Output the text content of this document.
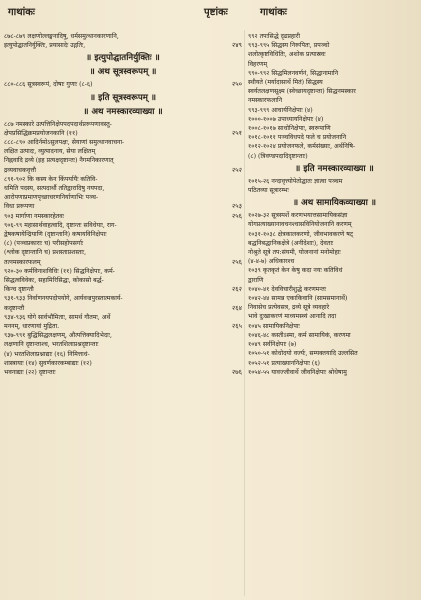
गाथांकः	पृष्टांकः	गाथांकः
८७८-८७९ लक्षणोल्लङ्घनादिषु, धर्मसमुत्थानकारणानि,
इत्युपोद्घातनिर्युक्तिः, प्रयासादेः उद्गतिः,	२४९
॥ इत्युपोद्घातनिर्युक्तिः ॥
॥ अथ सूत्रस्वरूपम् ॥
८८०-८८६ सूत्रस्वरूपं, दोषाः गुणाः (८-६)	२५०
॥ इति सूत्रस्वरूपम् ॥
॥ अथ नमस्कारव्याख्या ॥
८८७ नमस्कारे उत्पत्तिनिक्षेपपदपदार्थप्ररूपणावस्तु-
क्षेपप्रसिद्धिक्रमप्रयोजनकानि (११)	२५१
८८८-८९० आदिर्नमोऽसुलपक्षः, सेयाणां समुत्थानवाचना-
लक्षित उत्पादः, व्युत्पादनाय, सेया लक्षितम्
निह्नवादि द्रव्ये (इह प्रत्यक्षदृष्टान्तः) नैगमनिकारणात्
द्रव्यवाचकवृत्तौ	२५२
८९१-९०२ कि कस्य केन किंपर्यायैः कतिवि-
धमिति पदस्य, सत्पदार्थौ ततिद्वारादिषु नयपदा,
आरोपणाप्रमाणपृच्छाचरणनिर्याणाभिः पञ्च-
विधा प्ररूपणा	२५३
९०३ मार्गाणा नमस्कारहेतवः	२५६
९०६-९९ महासार्थवाहत्वादि, दृष्टान्तः सविधेयाः, राग-
द्वेषकषायेन्द्रियाणि (दृष्टान्तानि) कषायविनिक्षेपाः
(८) (पञ्चप्रकाराः च) परीसहोपसर्गाः
(श्लोक दृष्टान्तानि च) प्रशस्ताप्रशस्ताः,
तत्नमस्कारफलम्	२५६
९२०-३० कर्मविनाशविधिः (११) सिद्धनिक्षेपाः, कर्म-
सिद्धत्वविवेकः, सहामिरिसिद्धः, कोकासो बर्द्ध-
किन्च दृष्टान्तौ	२६२
९३१-९३३ निर्वाणनयपदोपयोगे, आर्यवज्रपुरस्तात्मकार्य-
कदृष्टान्तौ	२६४
९३४-९३६ योगे सार्वभौमिताः, सामर्थ गौतमः, अर्थे
मननम्, धारणायां मुद्रिता.	२६५
९३७-९९१ बुद्धिसिद्धलक्षणम्, औत्पत्तिक्यादिभेदाः,
लक्षणानि दृष्टान्ताश्च, भरतशिलाप्रश्नदृष्टान्ताः
(४) भरतशिलाप्रश्नाद्याः (१६) निमित्ताधं-
शास्त्रायाः (१४) सुवर्णकारकम्बाद्याः (१२)
भवनाद्याः (२२) दृष्टान्ताः	२७६
९९२ तपःसिद्धे दृढप्रहारी
९९३-९९५ सिद्धस्य निरूपितः, प्रपञ्चो
शलोत्कृष्टविधितिः, अशोक प्रत्यास्रवः
विहरणम्
९९०-९९२ सिद्धमिलनवर्णनं, सिद्धानामानि
स्थीयते (मर्यादासार्थे मितं) सिद्धस्य
स्वर्यतलक्षणसूक्ष्म (स्वेच्छायदृष्टान्ता) सिद्धनमस्कार
नमस्कारफलानि
९९३-९९९ आचार्यनिक्षेपाः (४)
१०००-१००७ उपाध्यायनिक्षेपाः (४)
१००८-१०१७ साधोनिक्षेपाः, स्वरूपाणि
१०१८-१०११ पञ्चविधपदे फले च प्रयोजनानि
१०१२-१०२४ प्रयोजनफले, कर्मसंख्याः, अर्थनिषि-
(८) (त्रिवण्डपदादिदृष्टान्ताः)
॥ इति नमस्कारव्याख्या ॥
१०१५-२६ नन्दावृत्त्योपेतोद्घातः ज्ञात्वा पञ्चम
पठितव्या सूत्रारम्भः
॥ अथ सामायिकव्याख्या ॥
१०२७-३२ सूत्रस्पर्शे करणभयात्तसामायिकसंज्ञा
योगप्रत्याख्यानावचनश्चासविनियोजनानि करणम्
१०३१-१०३८ क्षेत्रकालकरणो, जीवभावकरणे षट्
बद्धनिबद्धानिकक्षेत्रे (अनीदेशाः), देवताः
नोश्रुते सूत्रे तप:संयमी, योजनानां मनोमोहाः
(४-४-७) अधिकारश्च
१०३९ कृतकृतं केन केषु कदा नयः कतिविधं
द्वाराणि
१०४०-४१ देवविचारीशुद्धे करणमन्तः
१०४२-४४ सामन्न एकाकिवानि (सामसमानार्थे)
निवासेच प्रत्येवसत्र, द्रव्ये सूत्रे व्यवहारे
भावे दुःखाकरणं माध्यमस्थ्यं आनादि तदा
१०४५ सामायिकनिक्षेपाः
१०४६-४८ कस्तीऽस्मा, कर्म सामायिकं, करणमा
१०४९ सर्वनिक्षेपाः (७)
१०५०-५१ कोधोदयो वर्ज्यः, सम्यक्तयादि उल्लसित
१०५२-५१ प्रत्याख्याननिक्षेपाः (६)
१०५४-५५ यावज्जीवार्थे जीवनिक्षेपाः श्रोधेषामु
